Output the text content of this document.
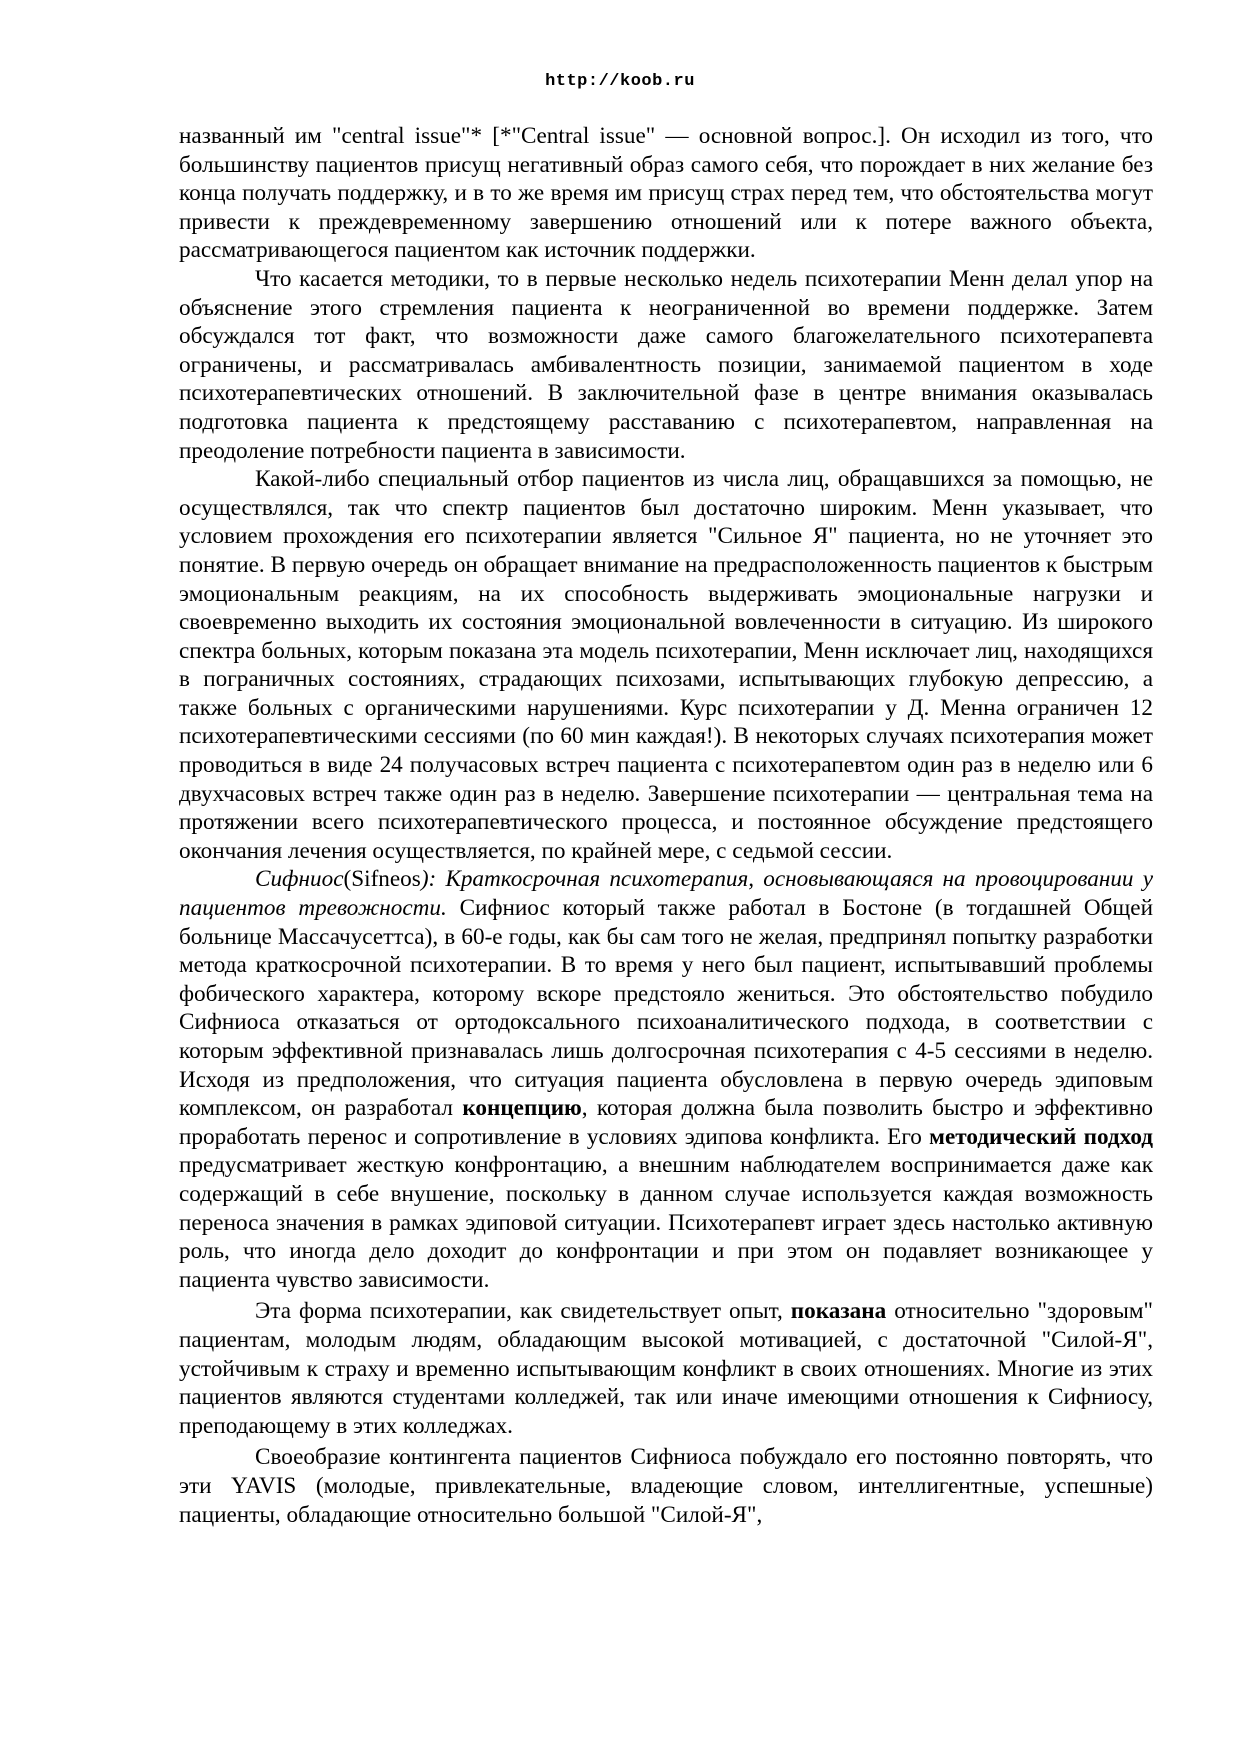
http://koob.ru

названный им "central issue"* [*"Central issue" — основной вопрос.]. Он исходил из того, что большинству пациентов присущ негативный образ самого себя, что порождает в них желание без конца получать поддержку, и в то же время им присущ страх перед тем, что обстоятельства могут привести к преждевременному завершению отношений или к потере важного объекта, рассматривающегося пациентом как источник поддержки.

Что касается методики, то в первые несколько недель психотерапии Менн делал упор на объяснение этого стремления пациента к неограниченной во времени поддержке. Затем обсуждался тот факт, что возможности даже самого благожелательного психотерапевта ограничены, и рассматривалась амбивалентность позиции, занимаемой пациентом в ходе психотерапевтических отношений. В заключительной фазе в центре внимания оказывалась подготовка пациента к предстоящему расставанию с психотерапевтом, направленная на преодоление потребности пациента в зависимости.

Какой-либо специальный отбор пациентов из числа лиц, обращавшихся за помощью, не осуществлялся, так что спектр пациентов был достаточно широким. Менн указывает, что условием прохождения его психотерапии является "Сильное Я" пациента, но не уточняет это понятие. В первую очередь он обращает внимание на предрасположенность пациентов к быстрым эмоциональным реакциям, на их способность выдерживать эмоциональные нагрузки и своевременно выходить их состояния эмоциональной вовлеченности в ситуацию. Из широкого спектра больных, которым показана эта модель психотерапии, Менн исключает лиц, находящихся в пограничных состояниях, страдающих психозами, испытывающих глубокую депрессию, а также больных с органическими нарушениями. Курс психотерапии у Д. Менна ограничен 12 психотерапевтическими сессиями (по 60 мин каждая!). В некоторых случаях психотерапия может проводиться в виде 24 получасовых встреч пациента с психотерапевтом один раз в неделю или 6 двухчасовых встреч также один раз в неделю. Завершение психотерапии — центральная тема на протяжении всего психотерапевтического процесса, и постоянное обсуждение предстоящего окончания лечения осуществляется, по крайней мере, с седьмой сессии.

Сифниос(Sifneos): Краткосрочная психотерапия, основывающаяся на провоцировании у пациентов тревожности. Сифниос который также работал в Бостоне (в тогдашней Общей больнице Массачусеттса), в 60-е годы, как бы сам того не желая, предпринял попытку разработки метода краткосрочной психотерапии. В то время у него был пациент, испытывавший проблемы фобического характера, которому вскоре предстояло жениться. Это обстоятельство побудило Сифниоса отказаться от ортодоксального психоаналитического подхода, в соответствии с которым эффективной признавалась лишь долгосрочная психотерапия с 4-5 сессиями в неделю. Исходя из предположения, что ситуация пациента обусловлена в первую очередь эдиповым комплексом, он разработал концепцию, которая должна была позволить быстро и эффективно проработать перенос и сопротивление в условиях эдипова конфликта. Его методический подход предусматривает жесткую конфронтацию, а внешним наблюдателем воспринимается даже как содержащий в себе внушение, поскольку в данном случае используется каждая возможность переноса значения в рамках эдиповой ситуации. Психотерапевт играет здесь настолько активную роль, что иногда дело доходит до конфронтации и при этом он подавляет возникающее у пациента чувство зависимости.

Эта форма психотерапии, как свидетельствует опыт, показана относительно "здоровым" пациентам, молодым людям, обладающим высокой мотивацией, с достаточной "Силой-Я", устойчивым к страху и временно испытывающим конфликт в своих отношениях. Многие из этих пациентов являются студентами колледжей, так или иначе имеющими отношения к Сифниосу, преподающему в этих колледжах.

Своеобразие контингента пациентов Сифниоса побуждало его постоянно повторять, что эти YAVIS (молодые, привлекательные, владеющие словом, интеллигентные, успешные) пациенты, обладающие относительно большой "Силой-Я",
